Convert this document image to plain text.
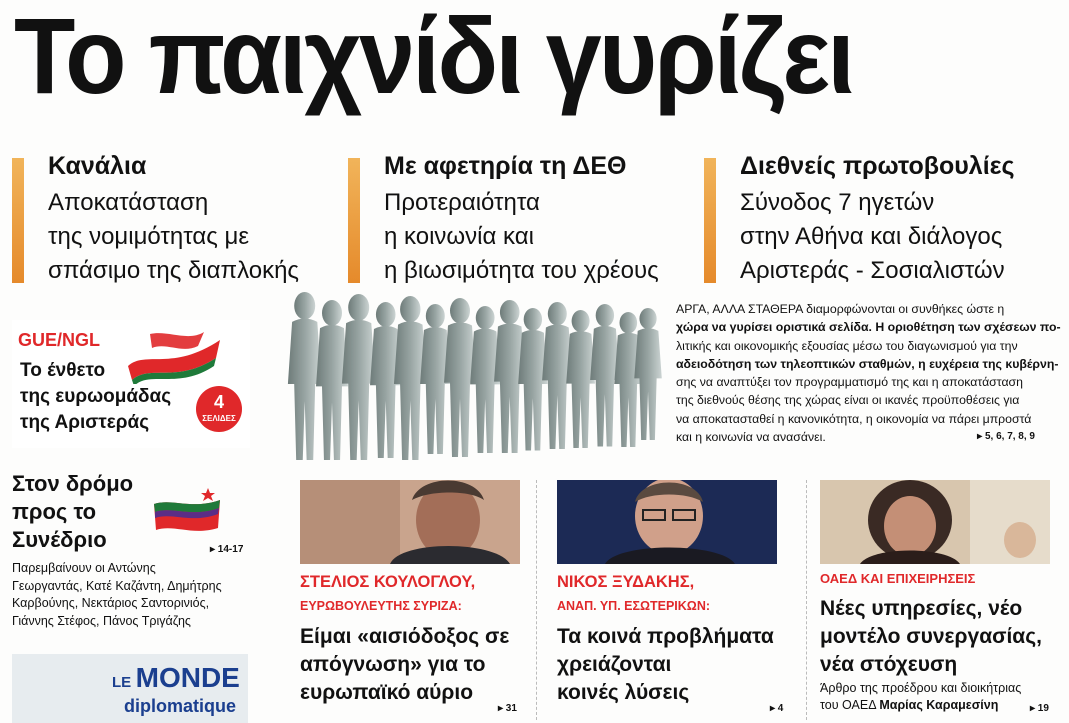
Το παιχνίδι γυρίζει
Κανάλια
Αποκατάσταση
της νομιμότητας με
σπάσιμο της διαπλοκής
Με αφετηρία τη ΔΕΘ
Προτεραιότητα
η κοινωνία και
η βιωσιμότητα του χρέους
Διεθνείς πρωτοβουλίες
Σύνοδος 7 ηγετών
στην Αθήνα και διάλογος
Αριστεράς - Σοσιαλιστών
ΑΡΓΑ, ΑΛΛΑ ΣΤΑΘΕΡΑ διαμορφώνονται οι συνθήκες ώστε η
χώρα να γυρίσει οριστικά σελίδα. Η οριοθέτηση των σχέσεων πο-
λιτικής και οικονομικής εξουσίας μέσω του διαγωνισμού για την
αδειοδότηση των τηλεοπτικών σταθμών, η ευχέρεια της κυβέρνη-
σης να αναπτύξει τον προγραμματισμό της και η αποκατάσταση
της διεθνούς θέσης της χώρας είναι οι ικανές προϋποθέσεις για
να αποκατασταθεί η κανονικότητα, η οικονομία να πάρει μπροστά
και η κοινωνία να ανασάνει.	▸ 5, 6, 7, 8, 9
GUE/NGL
Το ένθετο
της ευρωομάδας
της Αριστεράς
4
ΣΕΛΙΔΕΣ
Στον δρόμο
προς το
Συνέδριο	▸ 14-17
Παρεμβαίνουν οι Αντώνης
Γεωργαντάς, Κατέ Καζάντη, Δημήτρης
Καρβούνης, Νεκτάριος Σαντορινιός,
Γιάννης Στέφος, Πάνος Τριγάζης
LE MONDE
diplomatique
ΣΤΕΛΙΟΣ ΚΟΥΛΟΓΛΟΥ,
ΕΥΡΩΒΟΥΛΕΥΤΗΣ ΣΥΡΙΖΑ:
Είμαι «αισιόδοξος σε
απόγνωση» για το
ευρωπαϊκό αύριο
▸ 31
ΝΙΚΟΣ ΞΥΔΑΚΗΣ,
ΑΝΑΠ. ΥΠ. ΕΣΩΤΕΡΙΚΩΝ:
Τα κοινά προβλήματα
χρειάζονται
κοινές λύσεις
▸ 4
ΟΑΕΔ ΚΑΙ ΕΠΙΧΕΙΡΗΣΕΙΣ
Νέες υπηρεσίες, νέο
μοντέλο συνεργασίας,
νέα στόχευση
Άρθρο της προέδρου και διοικήτριας
του ΟΑΕΔ Μαρίας Καραμεσίνη	▸ 19
